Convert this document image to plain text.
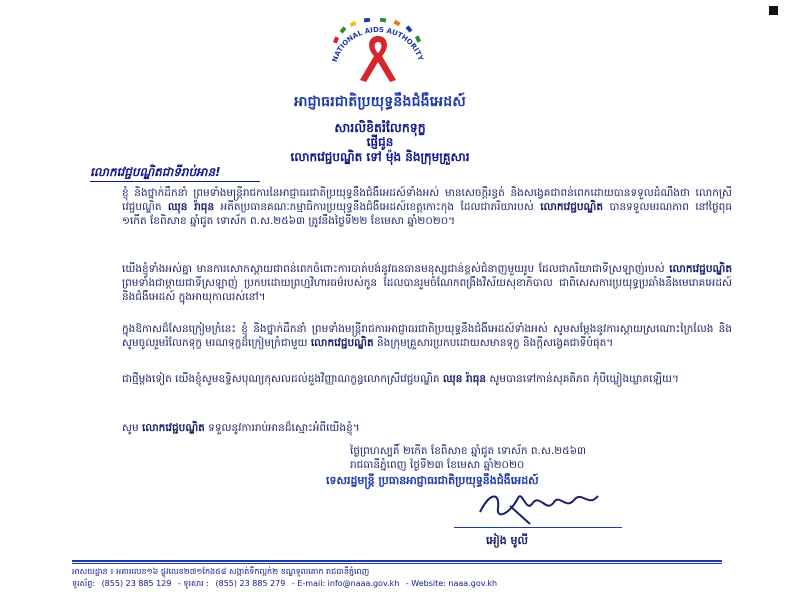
NATIONAL AIDS AUTHORITY
អាជ្ញាធរជាតិប្រយុទ្ធនឹងជំងឺអេដស៍
សារលិខិតរំលែកទុក្ខ
ផ្ញើជូន
លោកវេជ្ជបណ្ឌិត ទៅ ម៉ុង និងក្រុមគ្រួសារ
លោកវេជ្ជបណ្ឌិតជាទីរាប់អាន!
ខ្ញុំ និងថ្នាក់ដឹកនាំ ព្រមទាំងមន្ត្រីរាជការនៃអាជ្ញាធរជាតិប្រយុទ្ធនឹងជំងឺអេដស៍ទាំងអស់ មានសេចក្តីរន្ធត់ និងសង្វេគជាពន់ពេកដោយបានទទួលដំណឹងថា លោកស្រីវេជ្ជបណ្ឌិត ឈុន រ៉ាធុន អតីតប្រធានគណៈកម្មាធិការប្រយុទ្ធនឹងជំងឺអេដស៍ខេត្តកោះកុង ដែលជាភរិយារបស់ លោកវេជ្ជបណ្ឌិត បានទទួលមរណភាព នៅថ្ងៃពុធ ១កើត ខែពិសាខ ឆ្នាំជូត ទោស័ក ព.ស.២៥៦៣ ត្រូវនឹងថ្ងៃទី២២ ខែមេសា ឆ្នាំ២០២០។
យើងខ្ញុំទាំងអស់គ្នា មានការសោកស្តាយជាពន់ពេកចំពោះការបាត់បង់នូវធនធានមនុស្សជាន់ខ្ពស់ជំនាញមួយរូប ដែលជាភរិយាជាទីស្រឡាញ់របស់ លោកវេជ្ជបណ្ឌិត ព្រមទាំងជាម្តាយជាទីស្រឡាញ់ ប្រកបដោយព្រហ្មវិហារធម៌របស់កូន ដែលបានរួមចំណែកពង្រឹងវិស័យសុខាភិបាល ជាពិសេសការប្រយុទ្ធប្រឆាំងនឹងមេរោគអេដស៍ និងជំងឺអេដស៍ ក្នុងអាយុកាលរស់នៅ។
ក្នុងឱកាសដ៏សែនក្រៀមក្រំនេះ ខ្ញុំ និងថ្នាក់ដឹកនាំ ព្រមទាំងមន្ត្រីរាជការអាជ្ញាធរជាតិប្រយុទ្ធនឹងជំងឺអេដស៍ទាំងអស់ សូមសម្តែងនូវការស្តាយស្រណោះក្រៃលែង និងសូមចូលរួមរំលែកទុក្ខ មរណទុក្ខដ៏ក្រៀមក្រំជាមួយ លោកវេជ្ជបណ្ឌិត និងក្រុមគ្រួសារប្រកបដោយសមានទុក្ខ និងក្តីសង្វេគជាទីបំផុត។
ជាថ្មីម្តងទៀត យើងខ្ញុំសូមឧទ្ទិសបុណ្យកុសលដល់ដួងវិញ្ញាណក្ខន្ធលោកស្រីវេជ្ជបណ្ឌិត ឈុន រ៉ាធុន សូមបានទៅកាន់សុគតិភព កុំបីឃ្លៀងឃ្លាតឡើយ។
សូម លោកវេជ្ជបណ្ឌិត ទទួលនូវការរាប់អានដ៏ស្មោះអំពីយើងខ្ញុំ។
ថ្ងៃព្រហស្បតិ៍ ២កើត ខែពិសាខ ឆ្នាំជូត ទោស័ក ព.ស.២៥៦៣
រាជធានីភ្នំពេញ ថ្ងៃទី២៣ ខែមេសា ឆ្នាំ២០២០
ទេសរដ្ឋមន្ត្រី ប្រធានអាជ្ញាធរជាតិប្រយុទ្ធនឹងជំងឺអេដស៍
អៀង មូលី
អាសយដ្ឋាន ៖ អគារលេខ១៦ ផ្លូវលេខ២៧១កែង៥៨ សង្កាត់ទឹកល្អក់២ ខណ្ឌទួលគោក រាជធានីភ្នំពេញ
ទូរស័ព្ទ: (855) 23 885 129 - ទូរសារ : (855) 23 885 279 - E-mail: info@naaa.gov.kh - Website: naaa.gov.kh
